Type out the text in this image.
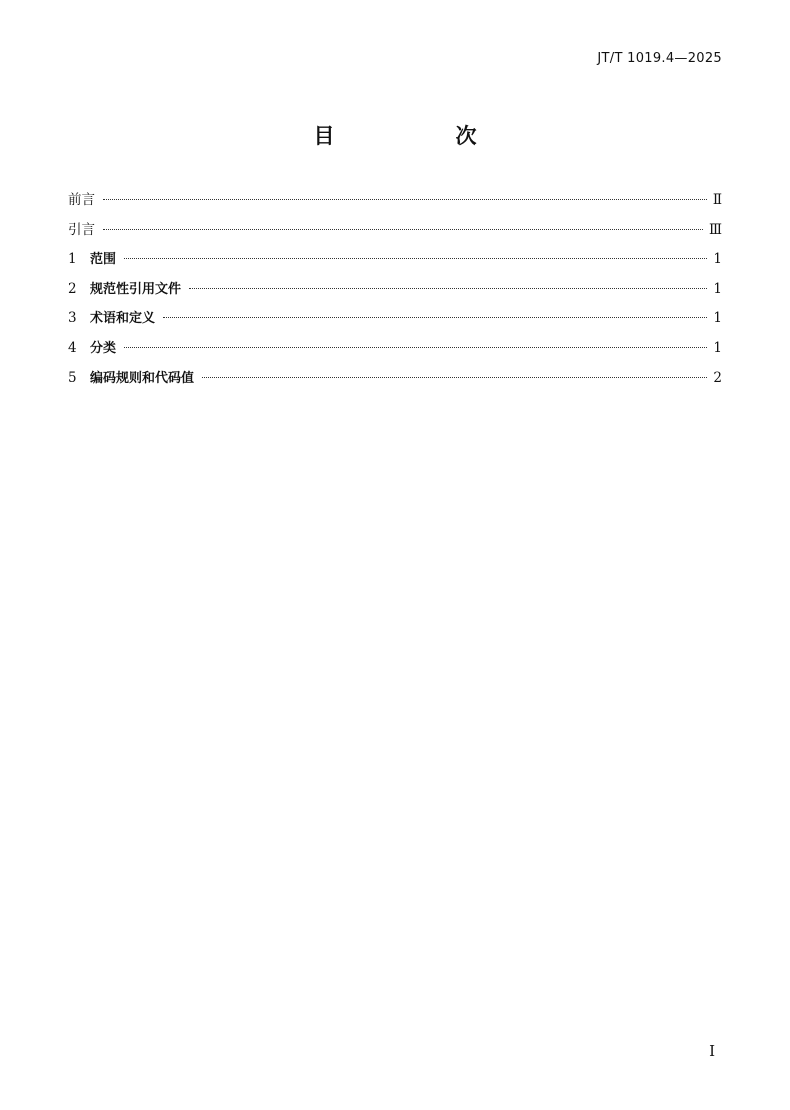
JT/T 1019.4—2025
目　次
前言	Ⅱ
引言	Ⅲ
1	范围	1
2	规范性引用文件	1
3	术语和定义	1
4	分类	1
5	编码规则和代码值	2
I
